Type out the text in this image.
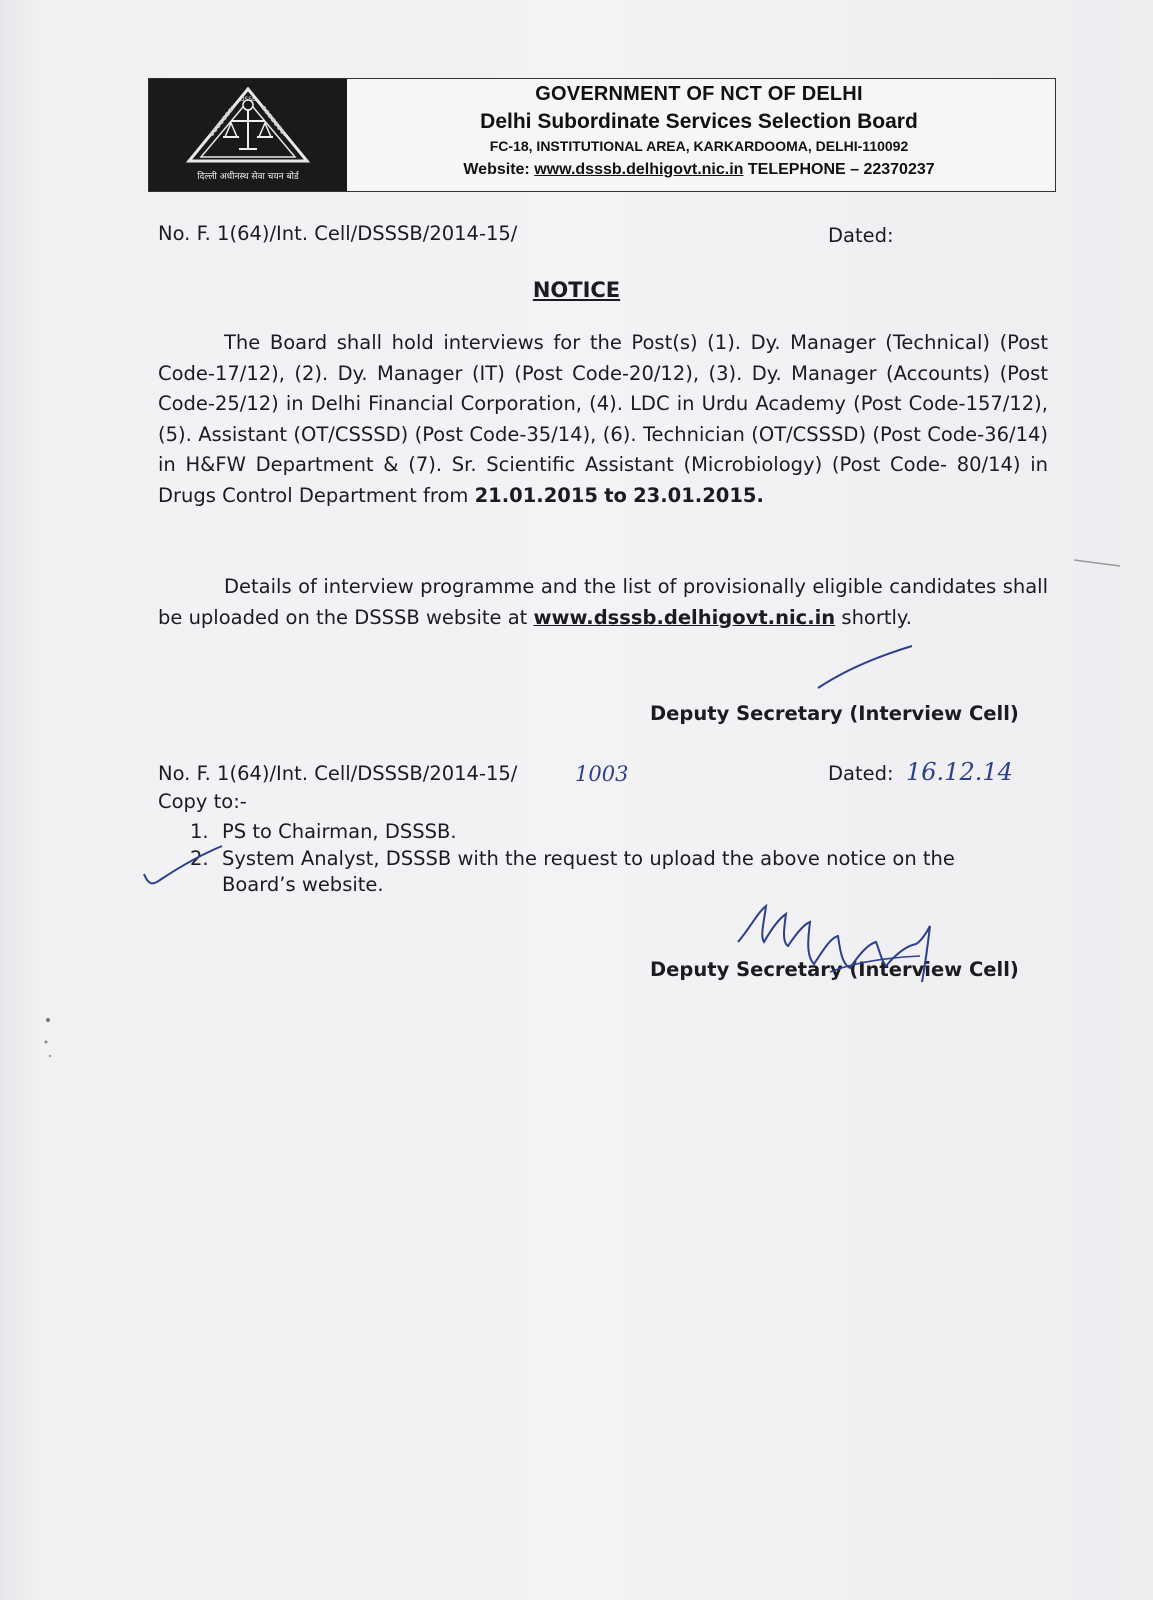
DSSB
दिल्ली अधीनस्थ सेवा चयन बोर्ड
GOVERNMENT OF NCT OF DELHI
Delhi Subordinate Services Selection Board
FC-18, INSTITUTIONAL AREA, KARKARDOOMA, DELHI-110092
Website: www.dsssb.delhigovt.nic.in TELEPHONE – 22370237
No. F. 1(64)/Int. Cell/DSSSB/2014-15/	Dated:
NOTICE
The Board shall hold interviews for the Post(s) (1). Dy. Manager (Technical) (Post Code-17/12), (2). Dy. Manager (IT) (Post Code-20/12), (3). Dy. Manager (Accounts) (Post Code-25/12) in Delhi Financial Corporation, (4). LDC in Urdu Academy (Post Code-157/12), (5). Assistant (OT/CSSSD) (Post Code-35/14), (6). Technician (OT/CSSSD) (Post Code-36/14) in H&FW Department & (7). Sr. Scientific Assistant (Microbiology) (Post Code- 80/14) in Drugs Control Department from 21.01.2015 to 23.01.2015.
Details of interview programme and the list of provisionally eligible candidates shall be uploaded on the DSSSB website at www.dsssb.delhigovt.nic.in shortly.
Deputy Secretary (Interview Cell)
No. F. 1(64)/Int. Cell/DSSSB/2014-15/	1003	Dated: 16.12.14
Copy to:-
1. PS to Chairman, DSSSB.
2. System Analyst, DSSSB with the request to upload the above notice on the
Board’s website.
Deputy Secretary (Interview Cell)
